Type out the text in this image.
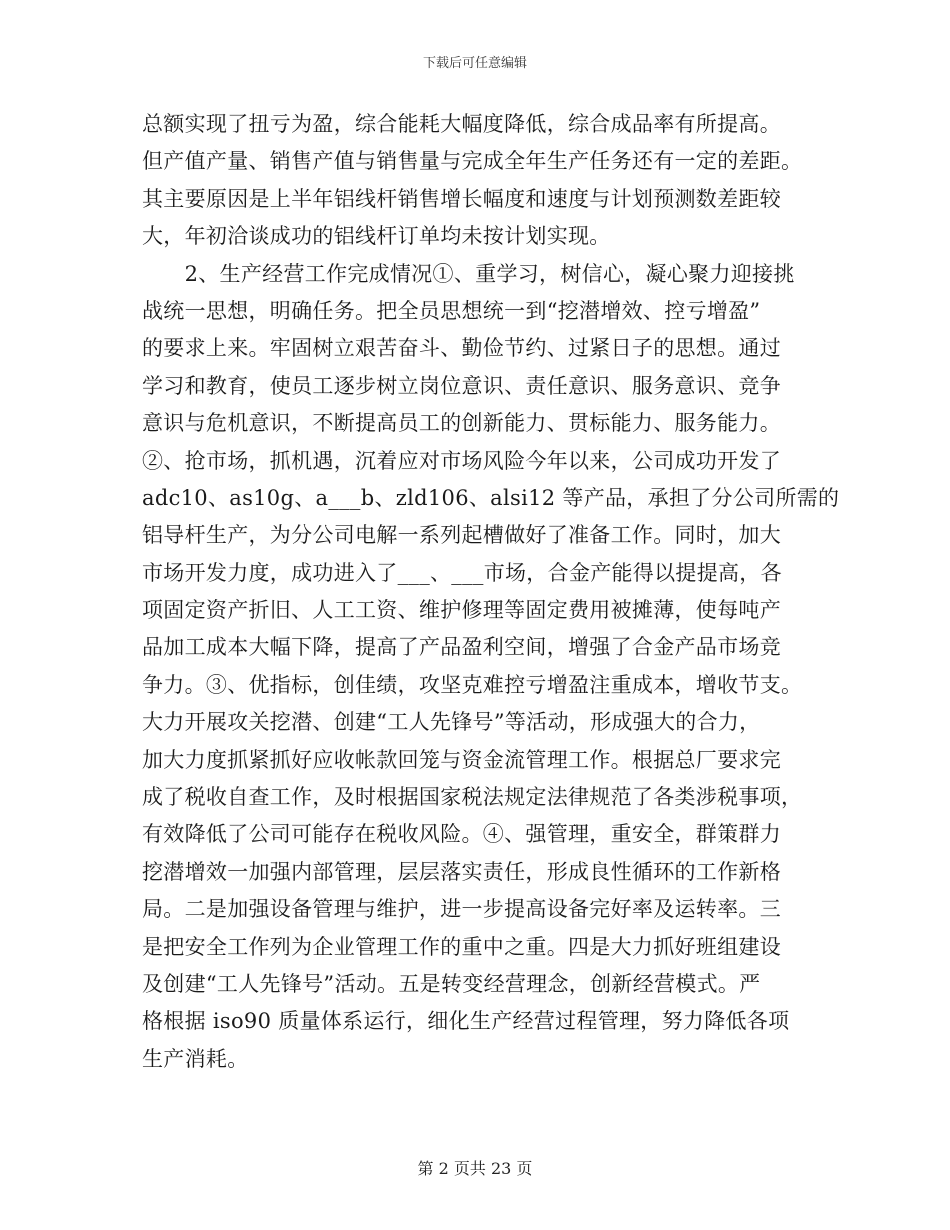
下载后可任意编辑
总额实现了扭亏为盈，综合能耗大幅度降低，综合成品率有所提高。
但产值产量、销售产值与销售量与完成全年生产任务还有一定的差距。
其主要原因是上半年铝线杆销售增长幅度和速度与计划预测数差距较
大，年初洽谈成功的铝线杆订单均未按计划实现。
　　2、生产经营工作完成情况①、重学习，树信心，凝心聚力迎接挑
战统一思想，明确任务。把全员思想统一到“挖潜增效、控亏增盈”
的要求上来。牢固树立艰苦奋斗、勤俭节约、过紧日子的思想。通过
学习和教育，使员工逐步树立岗位意识、责任意识、服务意识、竞争
意识与危机意识，不断提高员工的创新能力、贯标能力、服务能力。
②、抢市场，抓机遇，沉着应对市场风险今年以来，公司成功开发了
adc10、as10g、a___b、zld106、alsi12 等产品，承担了分公司所需的
铝导杆生产，为分公司电解一系列起槽做好了准备工作。同时，加大
市场开发力度，成功进入了___、___市场，合金产能得以提提高，各
项固定资产折旧、人工工资、维护修理等固定费用被摊薄，使每吨产
品加工成本大幅下降，提高了产品盈利空间，增强了合金产品市场竞
争力。③、优指标，创佳绩，攻坚克难控亏增盈注重成本，增收节支。
大力开展攻关挖潜、创建“工人先锋号”等活动，形成强大的合力，
加大力度抓紧抓好应收帐款回笼与资金流管理工作。根据总厂要求完
成了税收自查工作，及时根据国家税法规定法律规范了各类涉税事项，
有效降低了公司可能存在税收风险。④、强管理，重安全，群策群力
挖潜增效一加强内部管理，层层落实责任，形成良性循环的工作新格
局。二是加强设备管理与维护，进一步提高设备完好率及运转率。三
是把安全工作列为企业管理工作的重中之重。四是大力抓好班组建设
及创建“工人先锋号”活动。五是转变经营理念，创新经营模式。严
格根据 iso90 质量体系运行，细化生产经营过程管理，努力降低各项
生产消耗。
第 2 页共 23 页
